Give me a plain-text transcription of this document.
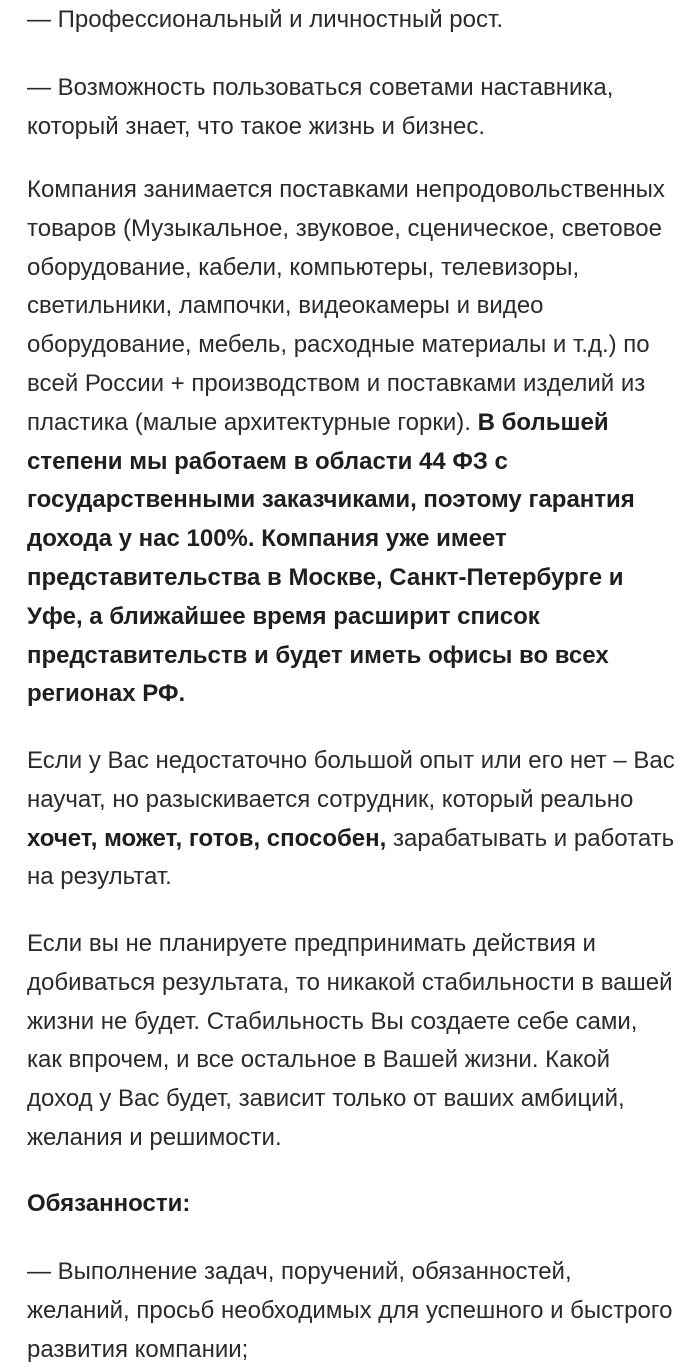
— Профессиональный и личностный рост.

— Возможность пользоваться советами наставника, который знает, что такое жизнь и бизнес.

Компания занимается поставками непродовольственных товаров (Музыкальное, звуковое, сценическое, световое оборудование, кабели, компьютеры, телевизоры, светильники, лампочки, видеокамеры и видео оборудование, мебель, расходные материалы и т.д.) по всей России + производством и поставками изделий из пластика (малые архитектурные горки). В большей степени мы работаем в области 44 ФЗ с государственными заказчиками, поэтому гарантия дохода у нас 100%. Компания уже имеет представительства в Москве, Санкт-Петербурге и Уфе, а ближайшее время расширит список представительств и будет иметь офисы во всех регионах РФ.

Если у Вас недостаточно большой опыт или его нет – Вас научат, но разыскивается сотрудник, который реально хочет, может, готов, способен, зарабатывать и работать на результат.

Если вы не планируете предпринимать действия и добиваться результата, то никакой стабильности в вашей жизни не будет. Стабильность Вы создаете себе сами, как впрочем, и все остальное в Вашей жизни. Какой доход у Вас будет, зависит только от ваших амбиций, желания и решимости.

Обязанности:

— Выполнение задач, поручений, обязанностей, желаний, просьб необходимых для успешного и быстрого развития компании;
